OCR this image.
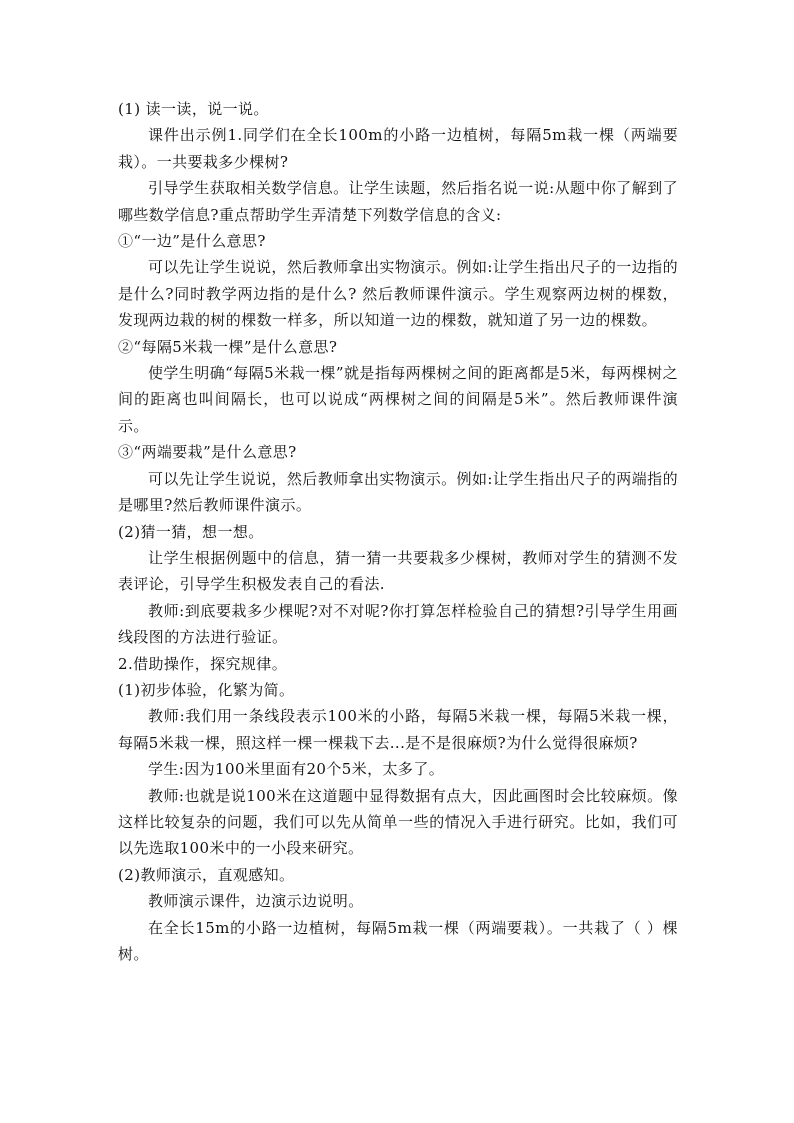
(1) 读一读，说一说。

课件出示例1.同学们在全长100m的小路一边植树，每隔5m栽一棵（两端要栽）。一共要栽多少棵树?

引导学生获取相关数学信息。让学生读题，然后指名说一说:从题中你了解到了哪些数学信息?重点帮助学生弄清楚下列数学信息的含义:

①“一边”是什么意思?

可以先让学生说说，然后教师拿出实物演示。例如:让学生指出尺子的一边指的是什么?同时教学两边指的是什么? 然后教师课件演示。学生观察两边树的棵数，发现两边栽的树的棵数一样多，所以知道一边的棵数，就知道了另一边的棵数。

②“每隔5米栽一棵”是什么意思?

使学生明确“每隔5米栽一棵”就是指每两棵树之间的距离都是5米，每两棵树之间的距离也叫间隔长，也可以说成“两棵树之间的间隔是5米”。然后教师课件演示。

③“两端要栽”是什么意思?

可以先让学生说说，然后教师拿出实物演示。例如:让学生指出尺子的两端指的是哪里?然后教师课件演示。

(2)猜一猜，想一想。

让学生根据例题中的信息，猜一猜一共要栽多少棵树，教师对学生的猜测不发表评论，引导学生积极发表自己的看法.

教师:到底要栽多少棵呢?对不对呢?你打算怎样检验自己的猜想?引导学生用画线段图的方法进行验证。

2.借助操作，探究规律。

(1)初步体验，化繁为简。

教师:我们用一条线段表示100米的小路，每隔5米栽一棵，每隔5米栽一棵，每隔5米栽一棵，照这样一棵一棵栽下去...是不是很麻烦?为什么觉得很麻烦?

学生:因为100米里面有20个5米，太多了。

教师:也就是说100米在这道题中显得数据有点大，因此画图时会比较麻烦。像这样比较复杂的问题，我们可以先从简单一些的情况入手进行研究。比如，我们可以先选取100米中的一小段来研究。

(2)教师演示，直观感知。

教师演示课件，边演示边说明。

在全长15m的小路一边植树，每隔5m栽一棵（两端要栽）。一共栽了（ ）棵树。
